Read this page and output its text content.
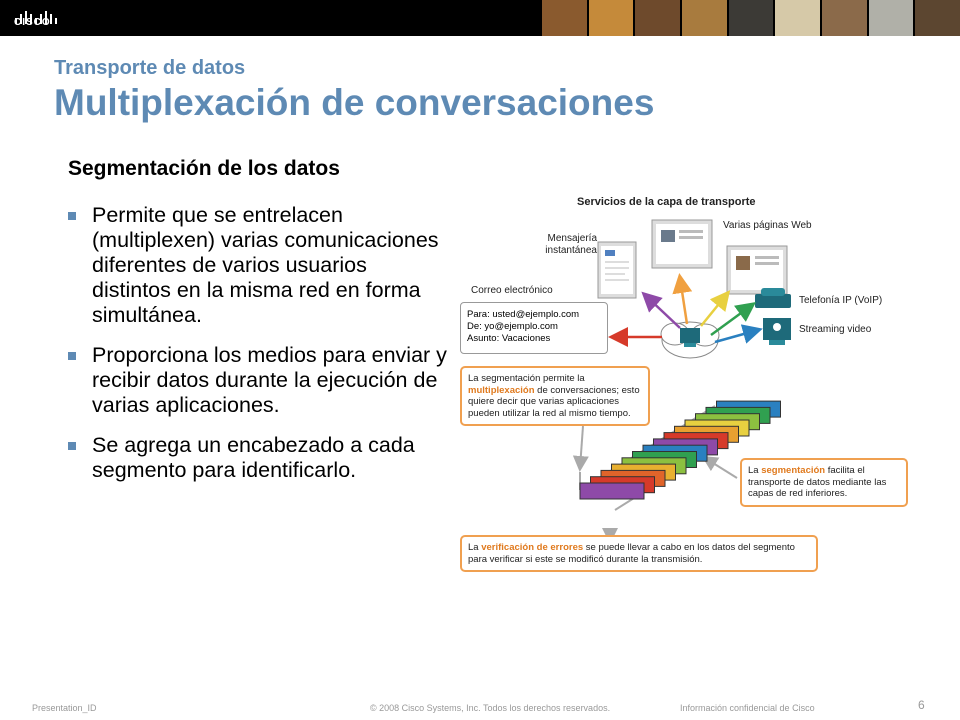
CISCO
Transporte de datos
Multiplexación de conversaciones
Segmentación de los datos
Permite que se entrelacen (multiplexen) varias comunicaciones diferentes de varios usuarios distintos en la misma red en forma simultánea.
Proporciona los medios para enviar y recibir datos durante la ejecución de varias aplicaciones.
Se agrega un encabezado a cada segmento para identificarlo.
Servicios de la capa de transporte
Mensajería instantánea
Varias páginas Web
Correo electrónico
Telefonía IP (VoIP)
Streaming video
Para: usted@ejemplo.com
De: yo@ejemplo.com
Asunto: Vacaciones
La segmentación permite la multiplexación de conversaciones; esto quiere decir que varias aplicaciones pueden utilizar la red al mismo tiempo.
La segmentación facilita el transporte de datos mediante las capas de red inferiores.
La verificación de errores se puede llevar a cabo en los datos del segmento para verificar si este se modificó durante la transmisión.
Presentation_ID	© 2008 Cisco Systems, Inc. Todos los derechos reservados.	Información confidencial de Cisco	6
